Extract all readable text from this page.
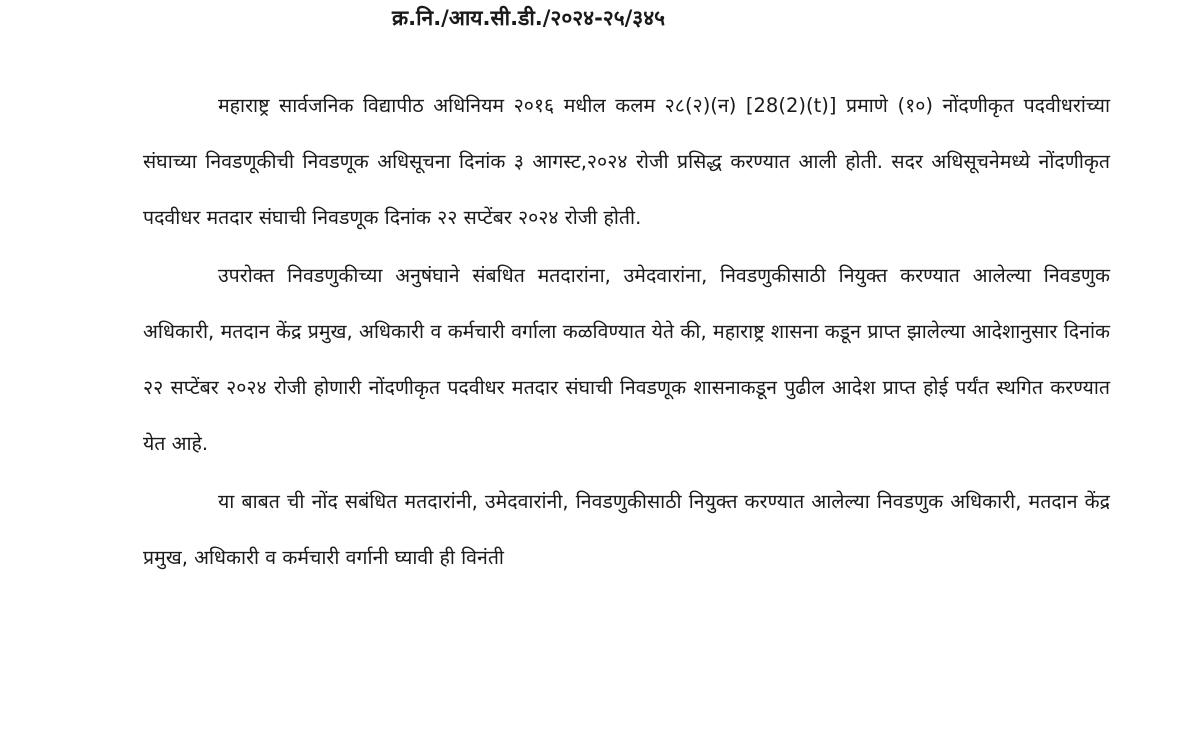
क्र.नि./आय.सी.डी./२०२४-२५/३४५

महाराष्ट्र सार्वजनिक विद्यापीठ अधिनियम २०१६ मधील कलम २८(२)(न) [28(2)(t)] प्रमाणे (१०) नोंदणीकृत पदवीधरांच्या संघाच्या निवडणूकीची निवडणूक अधिसूचना दिनांक ३ आगस्ट,२०२४ रोजी प्रसिद्ध करण्यात आली होती. सदर अधिसूचनेमध्ये नोंदणीकृत पदवीधर मतदार संघाची निवडणूक दिनांक २२ सप्टेंबर २०२४ रोजी होती.

उपरोक्त निवडणुकीच्या अनुषंघाने संबधित मतदारांना, उमेदवारांना, निवडणुकीसाठी नियुक्त करण्यात आलेल्या निवडणुक अधिकारी, मतदान केंद्र प्रमुख, अधिकारी व कर्मचारी वर्गाला कळविण्यात येते की, महाराष्ट्र शासना कडून प्राप्त झालेल्या आदेशानुसार दिनांक २२ सप्टेंबर २०२४ रोजी होणारी नोंदणीकृत पदवीधर मतदार संघाची निवडणूक शासनाकडून पुढील आदेश प्राप्त होई पर्यंत स्थगित करण्यात येत आहे.

या बाबत ची नोंद सबंधित मतदारांनी, उमेदवारांनी, निवडणुकीसाठी नियुक्त करण्यात आलेल्या निवडणुक अधिकारी, मतदान केंद्र प्रमुख, अधिकारी व कर्मचारी वर्गानी घ्यावी ही विनंती
